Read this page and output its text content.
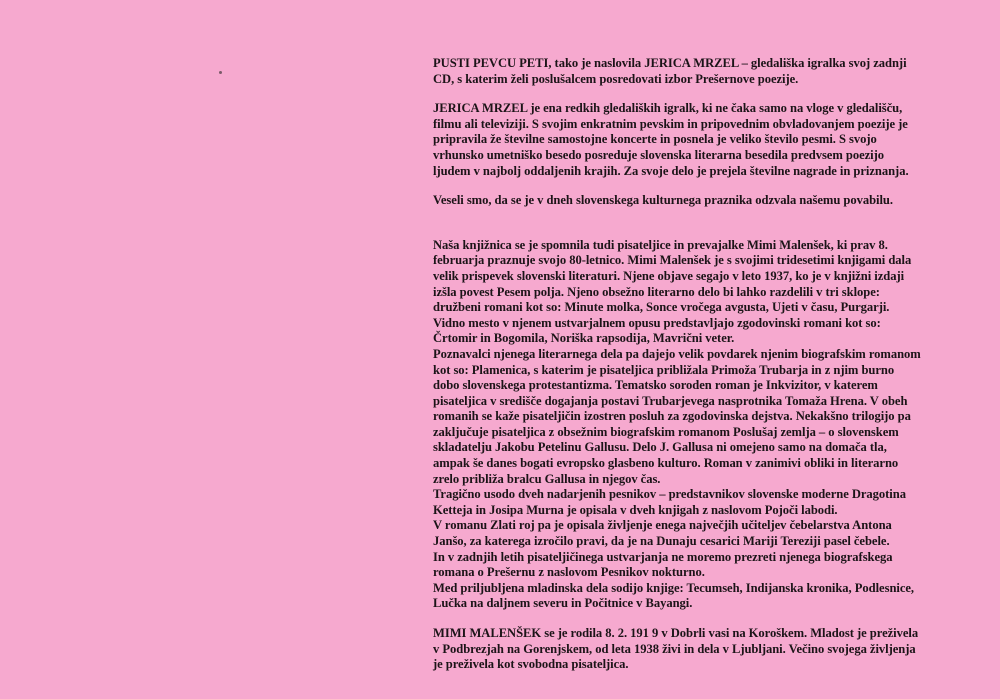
PUSTI PEVCU PETI, tako je naslovila JERICA MRZEL – gledališka igralka svoj zadnji
CD, s katerim želi poslušalcem posredovati izbor Prešernove poezije.

JERICA MRZEL je ena redkih gledaliških igralk, ki ne čaka samo na vloge v gledališču,
filmu ali televiziji. S svojim enkratnim pevskim in pripovednim obvladovanjem poezije je
pripravila že številne samostojne koncerte in posnela je veliko število pesmi. S svojo
vrhunsko umetniško besedo posreduje slovenska literarna besedila predvsem poezijo
ljudem v najbolj oddaljenih krajih. Za svoje delo je prejela številne nagrade in priznanja.

Veseli smo, da se je v dneh slovenskega kulturnega praznika odzvala našemu povabilu.

Naša knjižnica se je spomnila tudi pisateljice in prevajalke Mimi Malenšek, ki prav 8.
februarja praznuje svojo 80-letnico. Mimi Malenšek je s svojimi tridesetimi knjigami dala
velik prispevek slovenski literaturi. Njene objave segajo v leto 1937, ko je v knjižni izdaji
izšla povest Pesem polja. Njeno obsežno literarno delo bi lahko razdelili v tri sklope:
družbeni romani kot so: Minute molka, Sonce vročega avgusta, Ujeti v času, Purgarji.
Vidno mesto v njenem ustvarjalnem opusu predstavljajo zgodovinski romani kot so:
Črtomir in Bogomila, Noriška rapsodija, Mavrični veter.
Poznavalci njenega literarnega dela pa dajejo velik povdarek njenim biografskim romanom
kot so: Plamenica, s katerim je pisateljica približala Primoža Trubarja in z njim burno
dobo slovenskega protestantizma. Tematsko soroden roman je Inkvizitor, v katerem
pisateljica v središče dogajanja postavi Trubarjevega nasprotnika Tomaža Hrena. V obeh
romanih se kaže pisateljičin izostren posluh za zgodovinska dejstva. Nekakšno trilogijo pa
zaključuje pisateljica z obsežnim biografskim romanom Poslušaj zemlja – o slovenskem
skladatelju Jakobu Petelinu Gallusu. Delo J. Gallusa ni omejeno samo na domača tla,
ampak še danes bogati evropsko glasbeno kulturo. Roman v zanimivi obliki in literarno
zrelo približa bralcu Gallusa in njegov čas.
Tragično usodo dveh nadarjenih pesnikov – predstavnikov slovenske moderne Dragotina
Ketteja in Josipa Murna je opisala v dveh knjigah z naslovom Pojoči labodi.
V romanu Zlati roj pa je opisala življenje enega največjih učiteljev čebelarstva Antona
Janšo, za katerega izročilo pravi, da je na Dunaju cesarici Mariji Tereziji pasel čebele.
In v zadnjih letih pisateljičinega ustvarjanja ne moremo prezreti njenega biografskega
romana o Prešernu z naslovom Pesnikov nokturno.
Med priljubljena mladinska dela sodijo knjige: Tecumseh, Indijanska kronika, Podlesnice,
Lučka na daljnem severu in Počitnice v Bayangi.

MIMI MALENŠEK se je rodila 8. 2. 191 9 v Dobrli vasi na Koroškem. Mladost je preživela
v Podbrezjah na Gorenjskem, od leta 1938 živi in dela v Ljubljani. Večino svojega življenja
je preživela kot svobodna pisateljica.
